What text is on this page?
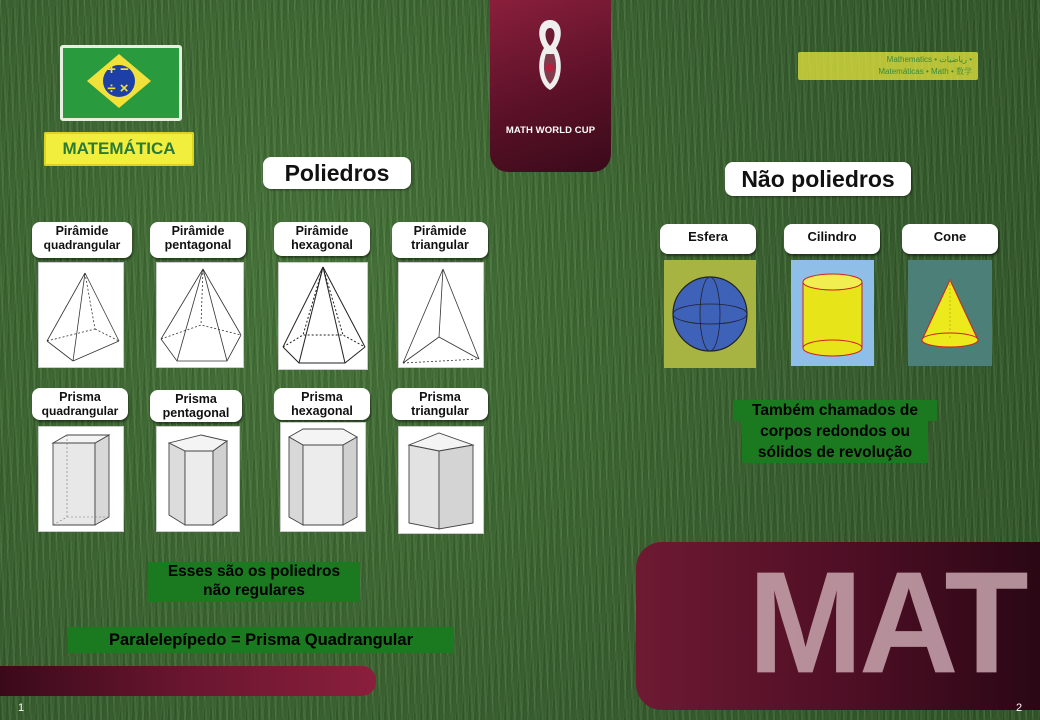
+ − ÷ ×
MATEMÁTICA
MATH WORLD CUP
Mathematics • ﺭﻳﺎﺿﻴﺎﺕ •
Matemáticas • Math • 数学
Poliedros
Pirâmide
quadrangular
Pirâmide
pentagonal
Pirâmide
hexagonal
Pirâmide
triangular
Prisma
quadrangular
Prisma
pentagonal
Prisma
hexagonal
Prisma
triangular
Esses são os poliedros
não regulares
Paralelepípedo = Prisma Quadrangular
1
Não poliedros
Esfera	Cilindro	Cone
Também chamados de
corpos redondos ou
sólidos de revolução
MAT
2
